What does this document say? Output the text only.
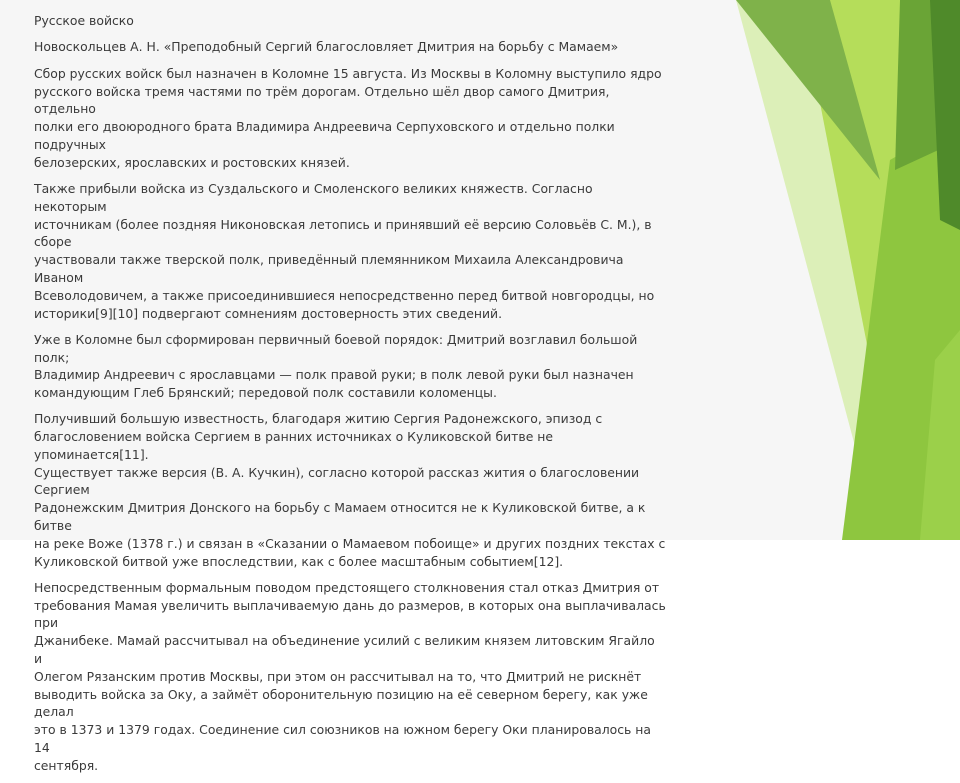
Русское войско

Новоскольцев А. Н. «Преподобный Сергий благословляет Дмитрия на борьбу с Мамаем»

Сбор русских войск был назначен в Коломне 15 августа. Из Москвы в Коломну выступило ядро
русского войска тремя частями по трём дорогам. Отдельно шёл двор самого Дмитрия, отдельно
полки его двоюродного брата Владимира Андреевича Серпуховского и отдельно полки подручных
белозерских, ярославских и ростовских князей.

Также прибыли войска из Суздальского и Смоленского великих княжеств. Согласно некоторым
источникам (более поздняя Никоновская летопись и принявший её версию Соловьёв С. М.), в сборе
участвовали также тверской полк, приведённый племянником Михаила Александровича Иваном
Всеволодовичем, а также присоединившиеся непосредственно перед битвой новгородцы, но
историки[9][10] подвергают сомнениям достоверность этих сведений.

Уже в Коломне был сформирован первичный боевой порядок: Дмитрий возглавил большой полк;
Владимир Андреевич с ярославцами — полк правой руки; в полк левой руки был назначен
командующим Глеб Брянский; передовой полк составили коломенцы.

Получивший большую известность, благодаря житию Сергия Радонежского, эпизод с
благословением войска Сергием в ранних источниках о Куликовской битве не упоминается[11].
Существует также версия (В. А. Кучкин), согласно которой рассказ жития о благословении Сергием
Радонежским Дмитрия Донского на борьбу с Мамаем относится не к Куликовской битве, а к битве
на реке Воже (1378 г.) и связан в «Сказании о Мамаевом побоище» и других поздних текстах с
Куликовской битвой уже впоследствии, как с более масштабным событием[12].

Непосредственным формальным поводом предстоящего столкновения стал отказ Дмитрия от
требования Мамая увеличить выплачиваемую дань до размеров, в которых она выплачивалась при
Джанибеке. Мамай рассчитывал на объединение усилий с великим князем литовским Ягайло и
Олегом Рязанским против Москвы, при этом он рассчитывал на то, что Дмитрий не рискнёт
выводить войска за Оку, а займёт оборонительную позицию на её северном берегу, как уже делал
это в 1373 и 1379 годах. Соединение сил союзников на южном берегу Оки планировалось на 14
сентября.
